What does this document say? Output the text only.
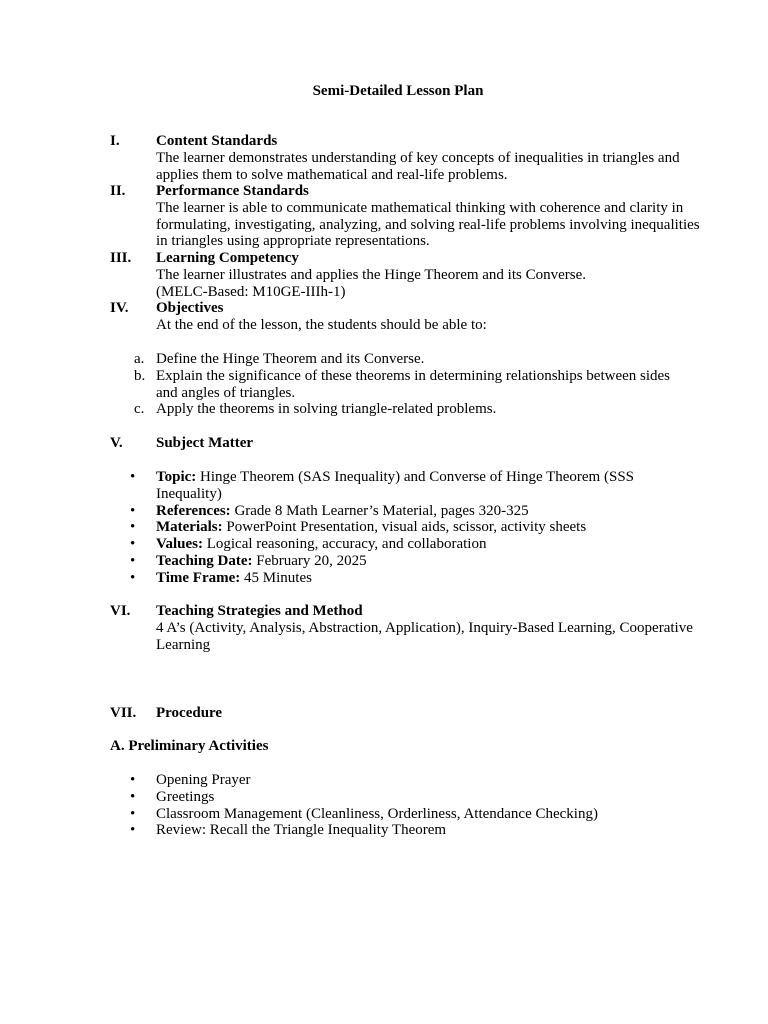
Semi-Detailed Lesson Plan
I.	Content Standards
The learner demonstrates understanding of key concepts of inequalities in triangles and applies them to solve mathematical and real-life problems.
II.	Performance Standards
The learner is able to communicate mathematical thinking with coherence and clarity in formulating, investigating, analyzing, and solving real-life problems involving inequalities in triangles using appropriate representations.
III.	Learning Competency
The learner illustrates and applies the Hinge Theorem and its Converse.
(MELC-Based: M10GE-IIIh-1)
IV.	Objectives
At the end of the lesson, the students should be able to:
a. Define the Hinge Theorem and its Converse.
b. Explain the significance of these theorems in determining relationships between sides and angles of triangles.
c. Apply the theorems in solving triangle-related problems.
V.	Subject Matter
• Topic: Hinge Theorem (SAS Inequality) and Converse of Hinge Theorem (SSS Inequality)
• References: Grade 8 Math Learner’s Material, pages 320-325
• Materials: PowerPoint Presentation, visual aids, scissor, activity sheets
• Values: Logical reasoning, accuracy, and collaboration
• Teaching Date: February 20, 2025
• Time Frame: 45 Minutes
VI.	Teaching Strategies and Method
4 A’s (Activity, Analysis, Abstraction, Application), Inquiry-Based Learning, Cooperative Learning
VII.	Procedure
A. Preliminary Activities
• Opening Prayer
• Greetings
• Classroom Management (Cleanliness, Orderliness, Attendance Checking)
• Review: Recall the Triangle Inequality Theorem
